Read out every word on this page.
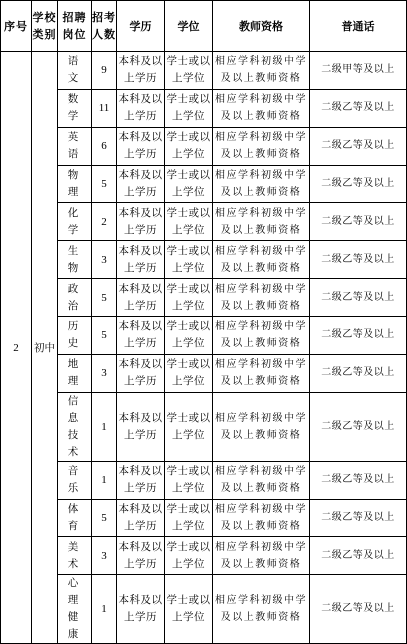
序号	学校类别	招聘岗位	招考人数	学历	学位	教师资格	普通话
2	初中	语文	9	本科及以上学历	学士或以上学位	相应学科初级中学及以上教师资格	二级甲等及以上
		数学	11	本科及以上学历	学士或以上学位	相应学科初级中学及以上教师资格	二级乙等及以上
		英语	6	本科及以上学历	学士或以上学位	相应学科初级中学及以上教师资格	二级乙等及以上
		物理	5	本科及以上学历	学士或以上学位	相应学科初级中学及以上教师资格	二级乙等及以上
		化学	2	本科及以上学历	学士或以上学位	相应学科初级中学及以上教师资格	二级乙等及以上
		生物	3	本科及以上学历	学士或以上学位	相应学科初级中学及以上教师资格	二级乙等及以上
		政治	5	本科及以上学历	学士或以上学位	相应学科初级中学及以上教师资格	二级乙等及以上
		历史	5	本科及以上学历	学士或以上学位	相应学科初级中学及以上教师资格	二级乙等及以上
		地理	3	本科及以上学历	学士或以上学位	相应学科初级中学及以上教师资格	二级乙等及以上
		信息技术	1	本科及以上学历	学士或以上学位	相应学科初级中学及以上教师资格	二级乙等及以上
		音乐	1	本科及以上学历	学士或以上学位	相应学科初级中学及以上教师资格	二级乙等及以上
		体育	5	本科及以上学历	学士或以上学位	相应学科初级中学及以上教师资格	二级乙等及以上
		美术	3	本科及以上学历	学士或以上学位	相应学科初级中学及以上教师资格	二级乙等及以上
		心理健康	1	本科及以上学历	学士或以上学位	相应学科初级中学及以上教师资格	二级乙等及以上
